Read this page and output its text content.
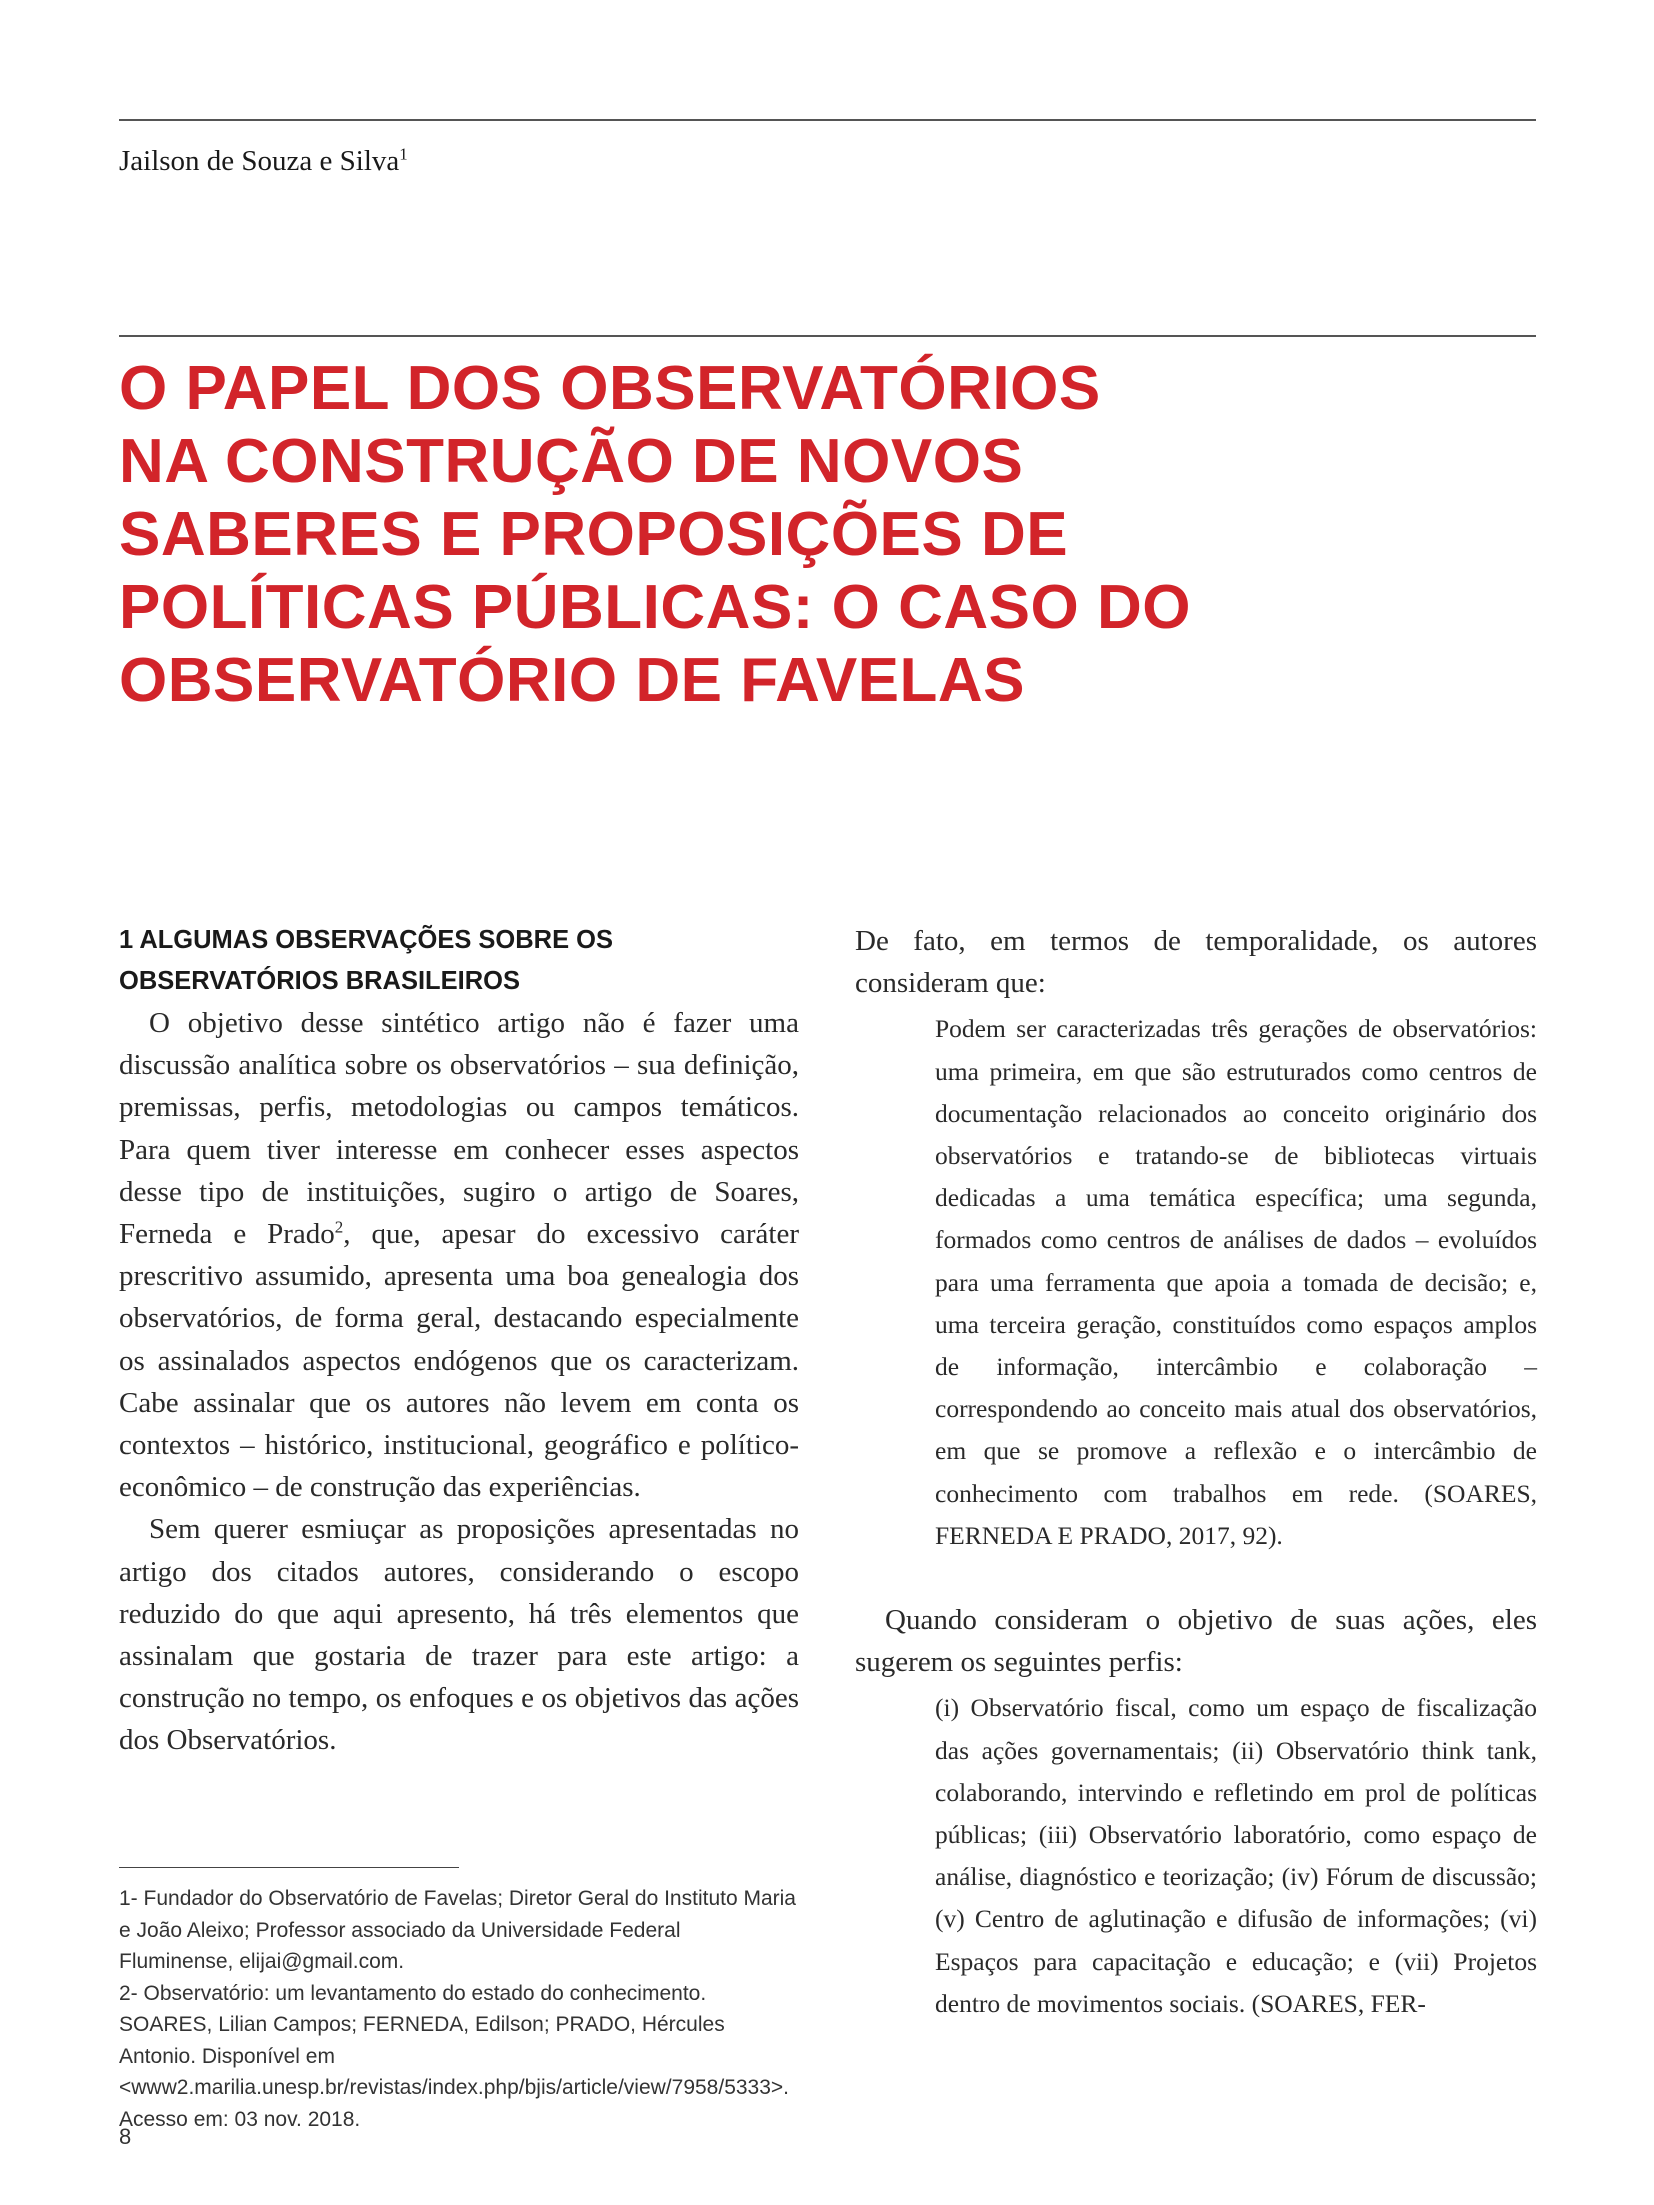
Jailson de Souza e Silva$^1$
O PAPEL DOS OBSERVATÓRIOS
NA CONSTRUÇÃO DE NOVOS
SABERES E PROPOSIÇÕES DE
POLÍTICAS PÚBLICAS: O CASO DO
OBSERVATÓRIO DE FAVELAS
1 ALGUMAS OBSERVAÇÕES SOBRE OS
OBSERVATÓRIOS BRASILEIROS

O objetivo desse sintético artigo não é fazer uma discussão analítica sobre os observatórios – sua definição, premissas, perfis, metodologias ou campos temáticos. Para quem tiver interesse em conhecer esses aspectos desse tipo de instituições, sugiro o artigo de Soares, Ferneda e Prado$^2$, que, apesar do excessivo caráter prescritivo assumido, apresenta uma boa genealogia dos observatórios, de forma geral, destacando especialmente os assinalados aspectos endógenos que os caracterizam. Cabe assinalar que os autores não levem em conta os contextos – histórico, institucional, geográfico e político-econômico – de construção das experiências.

Sem querer esmiuçar as proposições apresentadas no artigo dos citados autores, considerando o escopo reduzido do que aqui apresento, há três elementos que assinalam que gostaria de trazer para este artigo: a construção no tempo, os enfoques e os objetivos das ações dos Observatórios.

De fato, em termos de temporalidade, os autores consideram que:

Podem ser caracterizadas três gerações de observatórios: uma primeira, em que são estruturados como centros de documentação relacionados ao conceito originário dos observatórios e tratando-se de bibliotecas virtuais dedicadas a uma temática específica; uma segunda, formados como centros de análises de dados – evoluídos para uma ferramenta que apoia a tomada de decisão; e, uma terceira geração, constituídos como espaços amplos de informação, intercâmbio e colaboração – correspondendo ao conceito mais atual dos observatórios, em que se promove a reflexão e o intercâmbio de conhecimento com trabalhos em rede. (SOARES, FERNEDA E PRADO, 2017, 92).

Quando consideram o objetivo de suas ações, eles sugerem os seguintes perfis:

(i) Observatório fiscal, como um espaço de fiscalização das ações governamentais; (ii) Observatório think tank, colaborando, intervindo e refletindo em prol de políticas públicas; (iii) Observatório laboratório, como espaço de análise, diagnóstico e teorização; (iv) Fórum de discussão; (v) Centro de aglutinação e difusão de informações; (vi) Espaços para capacitação e educação; e (vii) Projetos dentro de movimentos sociais. (SOARES, FER-

1- Fundador do Observatório de Favelas; Diretor Geral do Instituto Maria e João Aleixo; Professor associado da Universidade Federal Fluminense, elijai@gmail.com.

2- Observatório: um levantamento do estado do conhecimento. SOARES, Lilian Campos; FERNEDA, Edilson; PRADO, Hércules Antonio. Disponível em <www2.marilia.unesp.br/revistas/index.php/bjis/article/view/7958/5333>. Acesso em: 03 nov. 2018.

8
